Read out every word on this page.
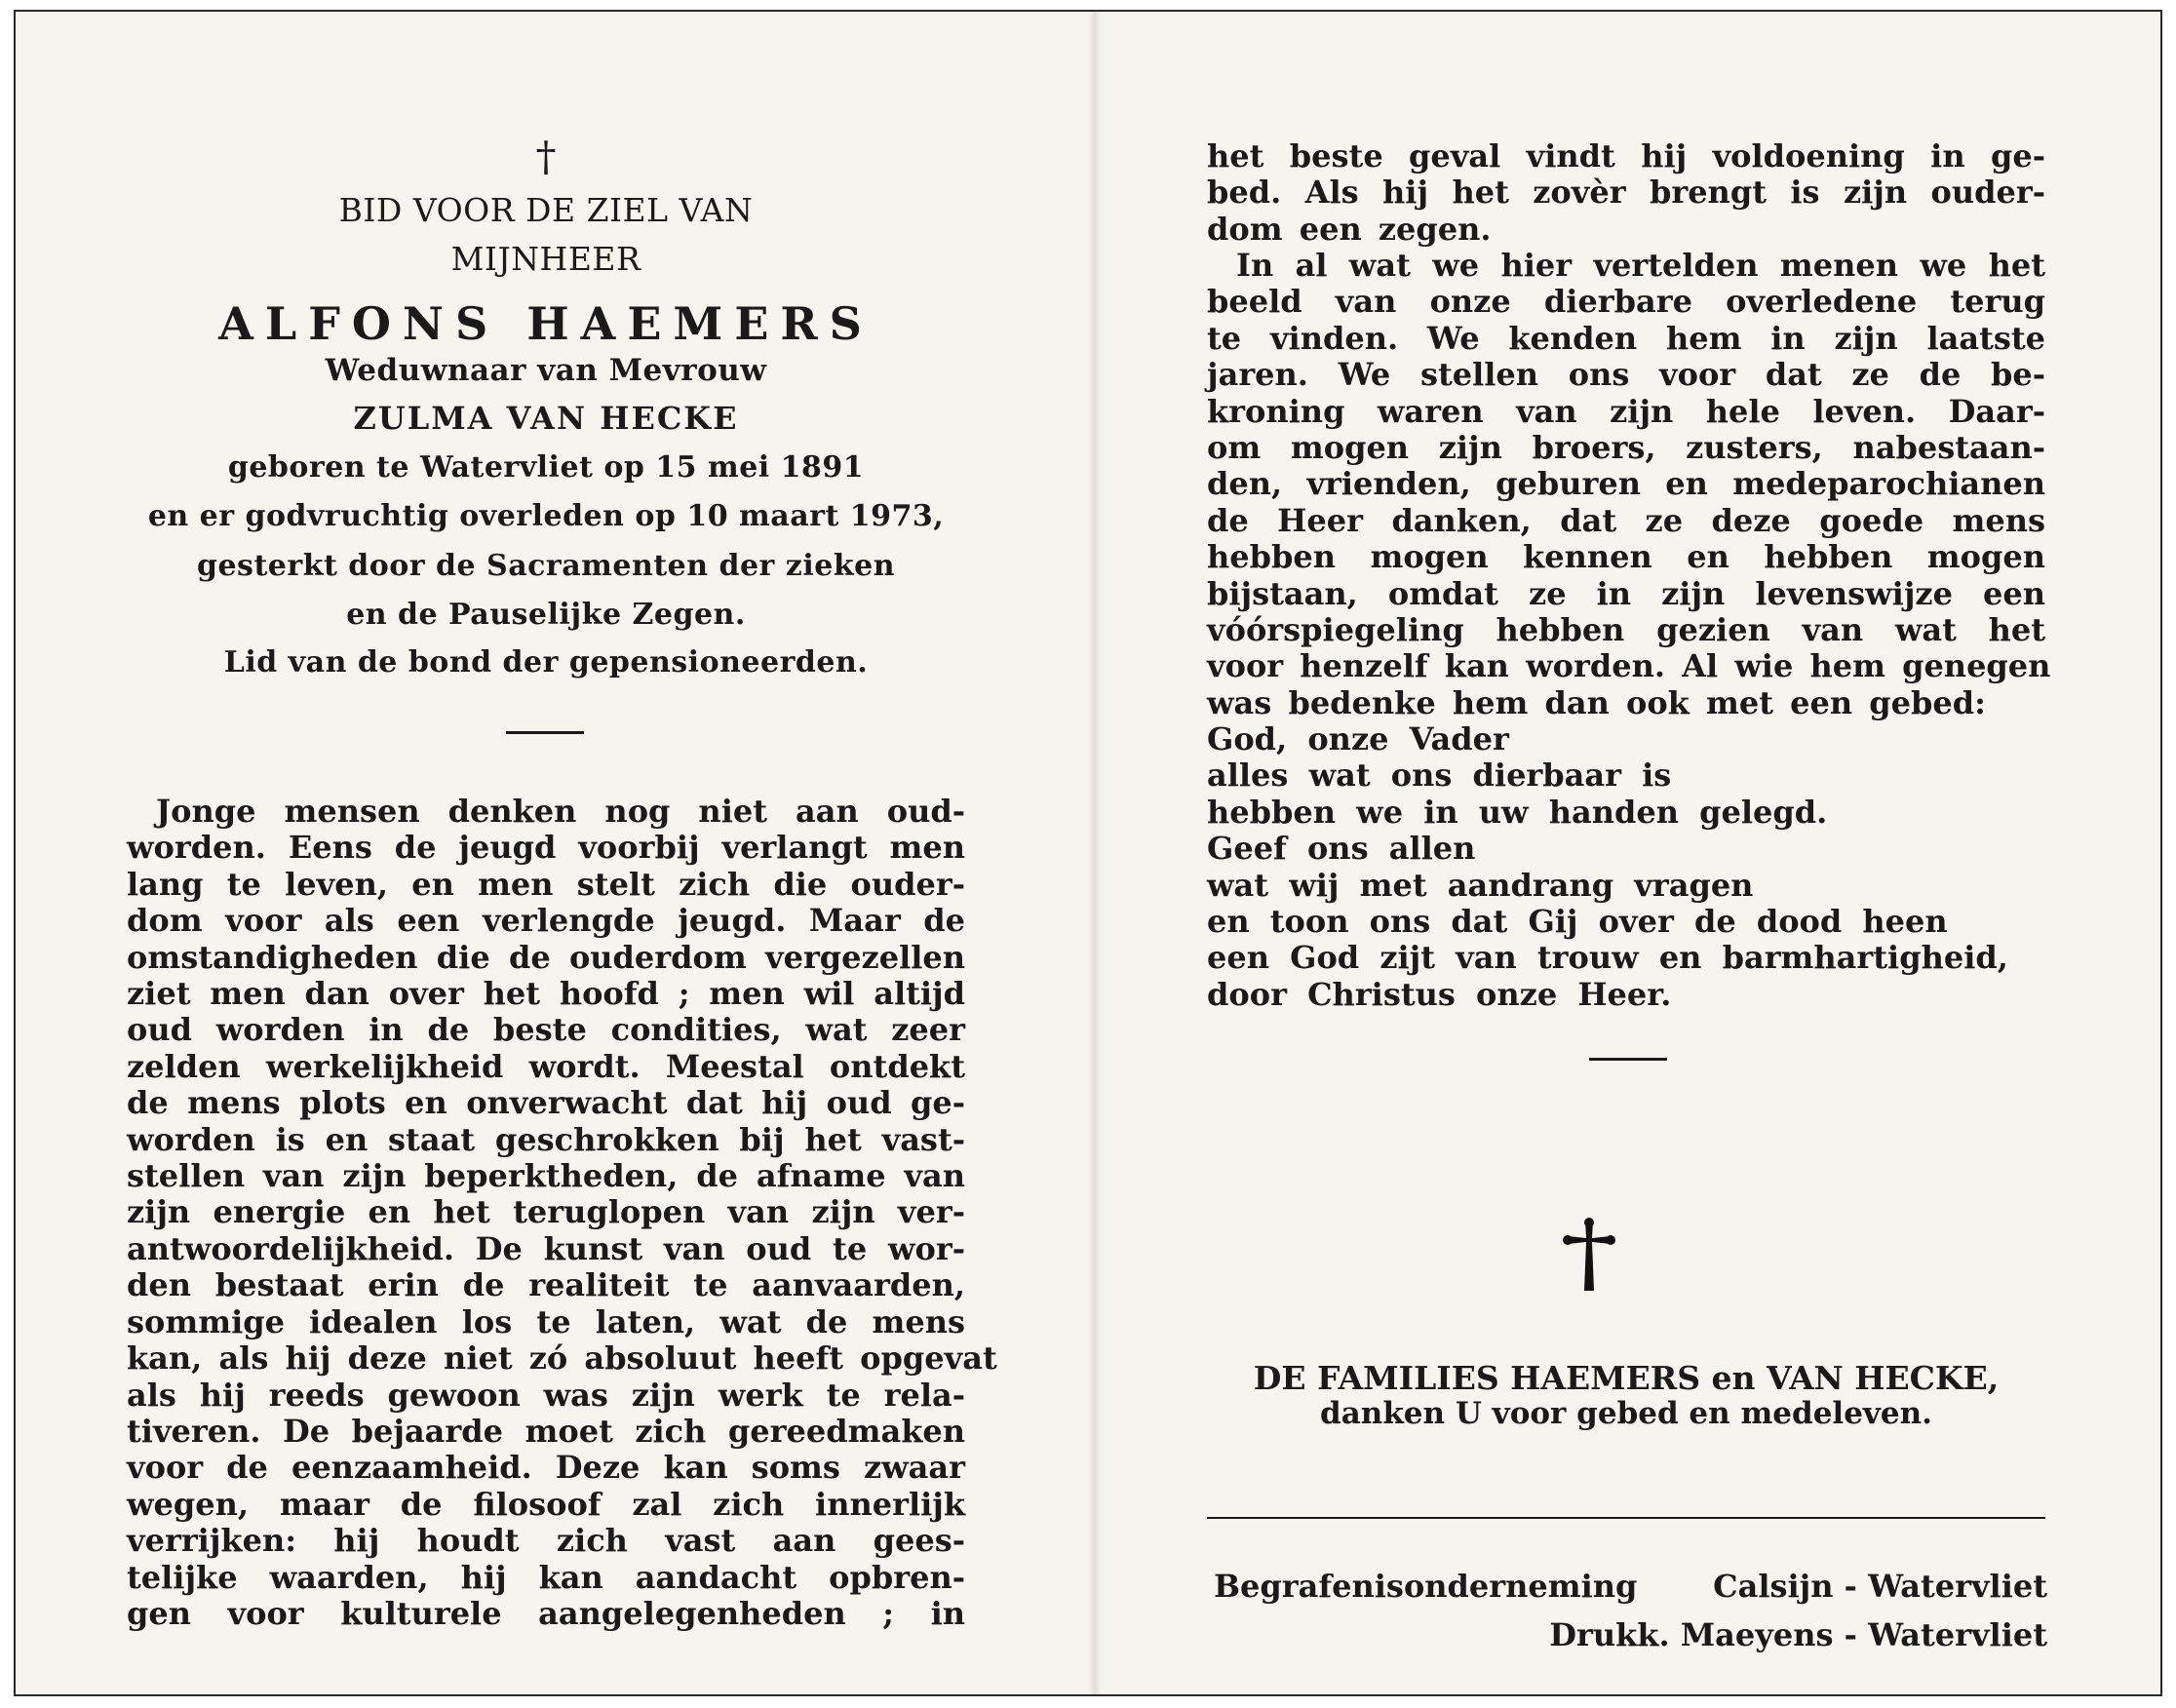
†
BID VOOR DE ZIEL VAN
MIJNHEER
ALFONS HAEMERS
Weduwnaar van Mevrouw
ZULMA VAN HECKE
geboren te Watervliet op 15 mei 1891
en er godvruchtig overleden op 10 maart 1973,
gesterkt door de Sacramenten der zieken
en de Pauselijke Zegen.
Lid van de bond der gepensioneerden.
Jonge mensen denken nog niet aan oud-
worden. Eens de jeugd voorbij verlangt men
lang te leven, en men stelt zich die ouder-
dom voor als een verlengde jeugd. Maar de
omstandigheden die de ouderdom vergezellen
ziet men dan over het hoofd ; men wil altijd
oud worden in de beste condities, wat zeer
zelden werkelijkheid wordt. Meestal ontdekt
de mens plots en onverwacht dat hij oud ge-
worden is en staat geschrokken bij het vast-
stellen van zijn beperktheden, de afname van
zijn energie en het teruglopen van zijn ver-
antwoordelijkheid. De kunst van oud te wor-
den bestaat erin de realiteit te aanvaarden,
sommige idealen los te laten, wat de mens
kan, als hij deze niet zó absoluut heeft opgevat
als hij reeds gewoon was zijn werk te rela-
tiveren. De bejaarde moet zich gereedmaken
voor de eenzaamheid. Deze kan soms zwaar
wegen, maar de filosoof zal zich innerlijk
verrijken: hij houdt zich vast aan gees-
telijke waarden, hij kan aandacht opbren-
gen voor kulturele aangelegenheden ; in
het beste geval vindt hij voldoening in ge-
bed. Als hij het zovèr brengt is zijn ouder-
dom een zegen.
In al wat we hier vertelden menen we het
beeld van onze dierbare overledene terug
te vinden. We kenden hem in zijn laatste
jaren. We stellen ons voor dat ze de be-
kroning waren van zijn hele leven. Daar-
om mogen zijn broers, zusters, nabestaan-
den, vrienden, geburen en medeparochianen
de Heer danken, dat ze deze goede mens
hebben mogen kennen en hebben mogen
bijstaan, omdat ze in zijn levenswijze een
vóórspiegeling hebben gezien van wat het
voor henzelf kan worden. Al wie hem genegen
was bedenke hem dan ook met een gebed:
God, onze Vader
alles wat ons dierbaar is
hebben we in uw handen gelegd.
Geef ons allen
wat wij met aandrang vragen
en toon ons dat Gij over de dood heen
een God zijt van trouw en barmhartigheid,
door Christus onze Heer.
DE FAMILIES HAEMERS en VAN HECKE,
danken U voor gebed en medeleven.
Begrafenisonderneming Calsijn - Watervliet
Drukk. Maeyens - Watervliet
